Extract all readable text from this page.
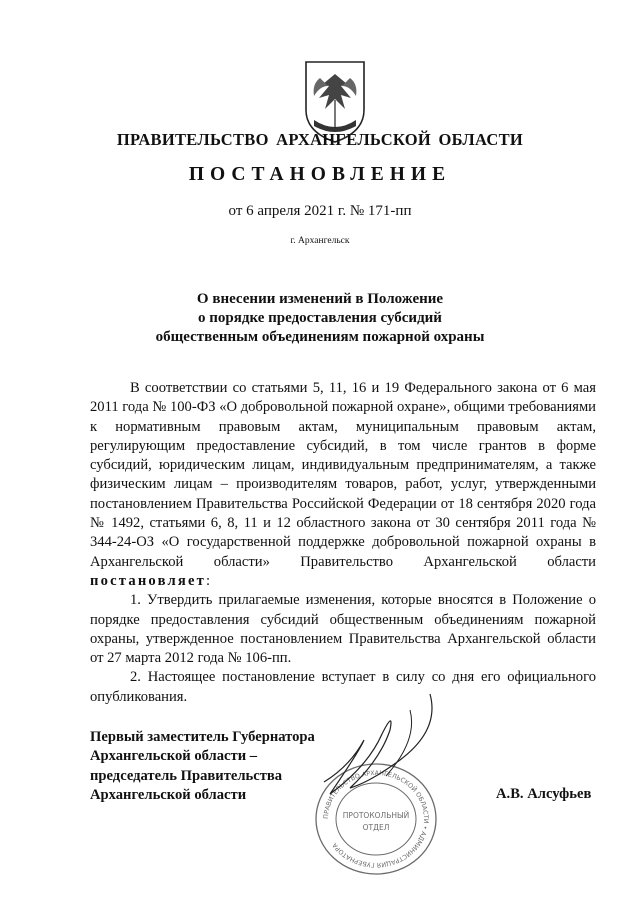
ПРАВИТЕЛЬСТВО АРХАНГЕЛЬСКОЙ ОБЛАСТИ
ПОСТАНОВЛЕНИЕ
от 6 апреля 2021 г. № 171-пп
г. Архангельск
О внесении изменений в Положение
о порядке предоставления субсидий
общественным объединениям пожарной охраны

В соответствии со статьями 5, 11, 16 и 19 Федерального закона от 6 мая 2011 года № 100-ФЗ «О добровольной пожарной охране», общими требованиями к нормативным правовым актам, муниципальным правовым актам, регулирующим предоставление субсидий, в том числе грантов в форме субсидий, юридическим лицам, индивидуальным предпринимателям, а также физическим лицам – производителям товаров, работ, услуг, утвержденными постановлением Правительства Российской Федерации от 18 сентября 2020 года № 1492, статьями 6, 8, 11 и 12 областного закона от 30 сентября 2011 года № 344-24-ОЗ «О государственной поддержке добровольной пожарной охраны в Архангельской области» Правительство Архангельской области постановляет:

1. Утвердить прилагаемые изменения, которые вносятся в Положение о порядке предоставления субсидий общественным объединениям пожарной охраны, утвержденное постановлением Правительства Архангельской области от 27 марта 2012 года № 106-пп.

2. Настоящее постановление вступает в силу со дня его официального опубликования.

Первый заместитель Губернатора
Архангельской области –
председатель Правительства
Архангельской области	А.В. Алсуфьев
ПРАВИТЕЛЬСТВО АРХАНГЕЛЬСКОЙ ОБЛАСТИ • АДМИНИСТРАЦИЯ ГУБЕРНАТОРА
ПРОТОКОЛЬНЫЙ
ОТДЕЛ
